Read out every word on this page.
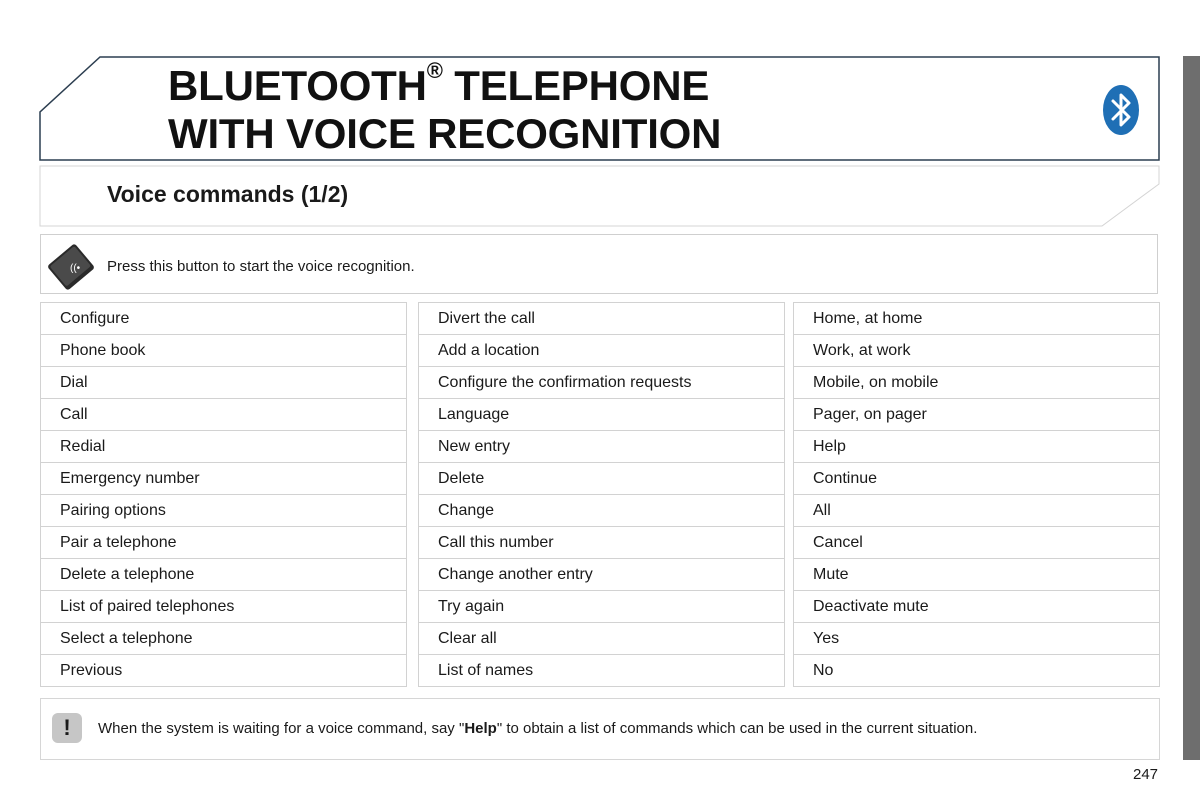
BLUETOOTH® TELEPHONE
WITH VOICE RECOGNITION
Voice commands (1/2)
((• Press this button to start the voice recognition.
Configure
Phone book
Dial
Call
Redial
Emergency number
Pairing options
Pair a telephone
Delete a telephone
List of paired telephones
Select a telephone
Previous
Divert the call
Add a location
Configure the confirmation requests
Language
New entry
Delete
Change
Call this number
Change another entry
Try again
Clear all
List of names
Home, at home
Work, at work
Mobile, on mobile
Pager, on pager
Help
Continue
All
Cancel
Mute
Deactivate mute
Yes
No
!	When the system is waiting for a voice command, say "Help" to obtain a list of commands which can be used in the current situation.
247
